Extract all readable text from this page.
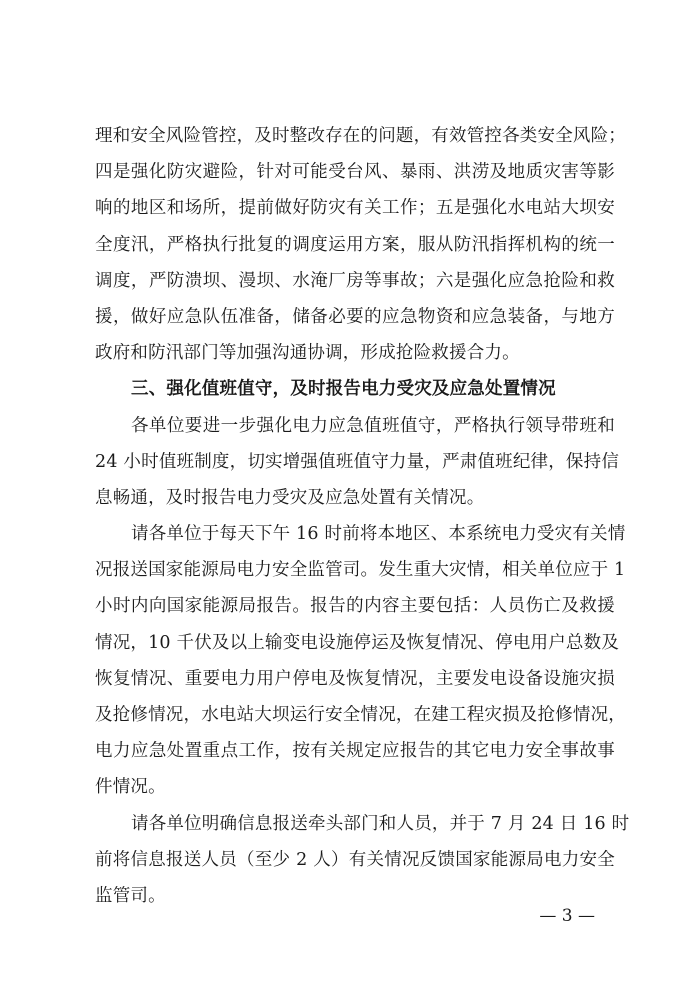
理和安全风险管控，及时整改存在的问题，有效管控各类安全风险；
四是强化防灾避险，针对可能受台风、暴雨、洪涝及地质灾害等影
响的地区和场所，提前做好防灾有关工作；五是强化水电站大坝安
全度汛，严格执行批复的调度运用方案，服从防汛指挥机构的统一
调度，严防溃坝、漫坝、水淹厂房等事故；六是强化应急抢险和救
援，做好应急队伍准备，储备必要的应急物资和应急装备，与地方
政府和防汛部门等加强沟通协调，形成抢险救援合力。
三、强化值班值守，及时报告电力受灾及应急处置情况
各单位要进一步强化电力应急值班值守，严格执行领导带班和
24 小时值班制度，切实增强值班值守力量，严肃值班纪律，保持信
息畅通，及时报告电力受灾及应急处置有关情况。
请各单位于每天下午 16 时前将本地区、本系统电力受灾有关情
况报送国家能源局电力安全监管司。发生重大灾情，相关单位应于 1
小时内向国家能源局报告。报告的内容主要包括：人员伤亡及救援
情况，10 千伏及以上输变电设施停运及恢复情况、停电用户总数及
恢复情况、重要电力用户停电及恢复情况，主要发电设备设施灾损
及抢修情况，水电站大坝运行安全情况，在建工程灾损及抢修情况，
电力应急处置重点工作，按有关规定应报告的其它电力安全事故事
件情况。
请各单位明确信息报送牵头部门和人员，并于 7 月 24 日 16 时
前将信息报送人员（至少 2 人）有关情况反馈国家能源局电力安全
监管司。
— 3 —
